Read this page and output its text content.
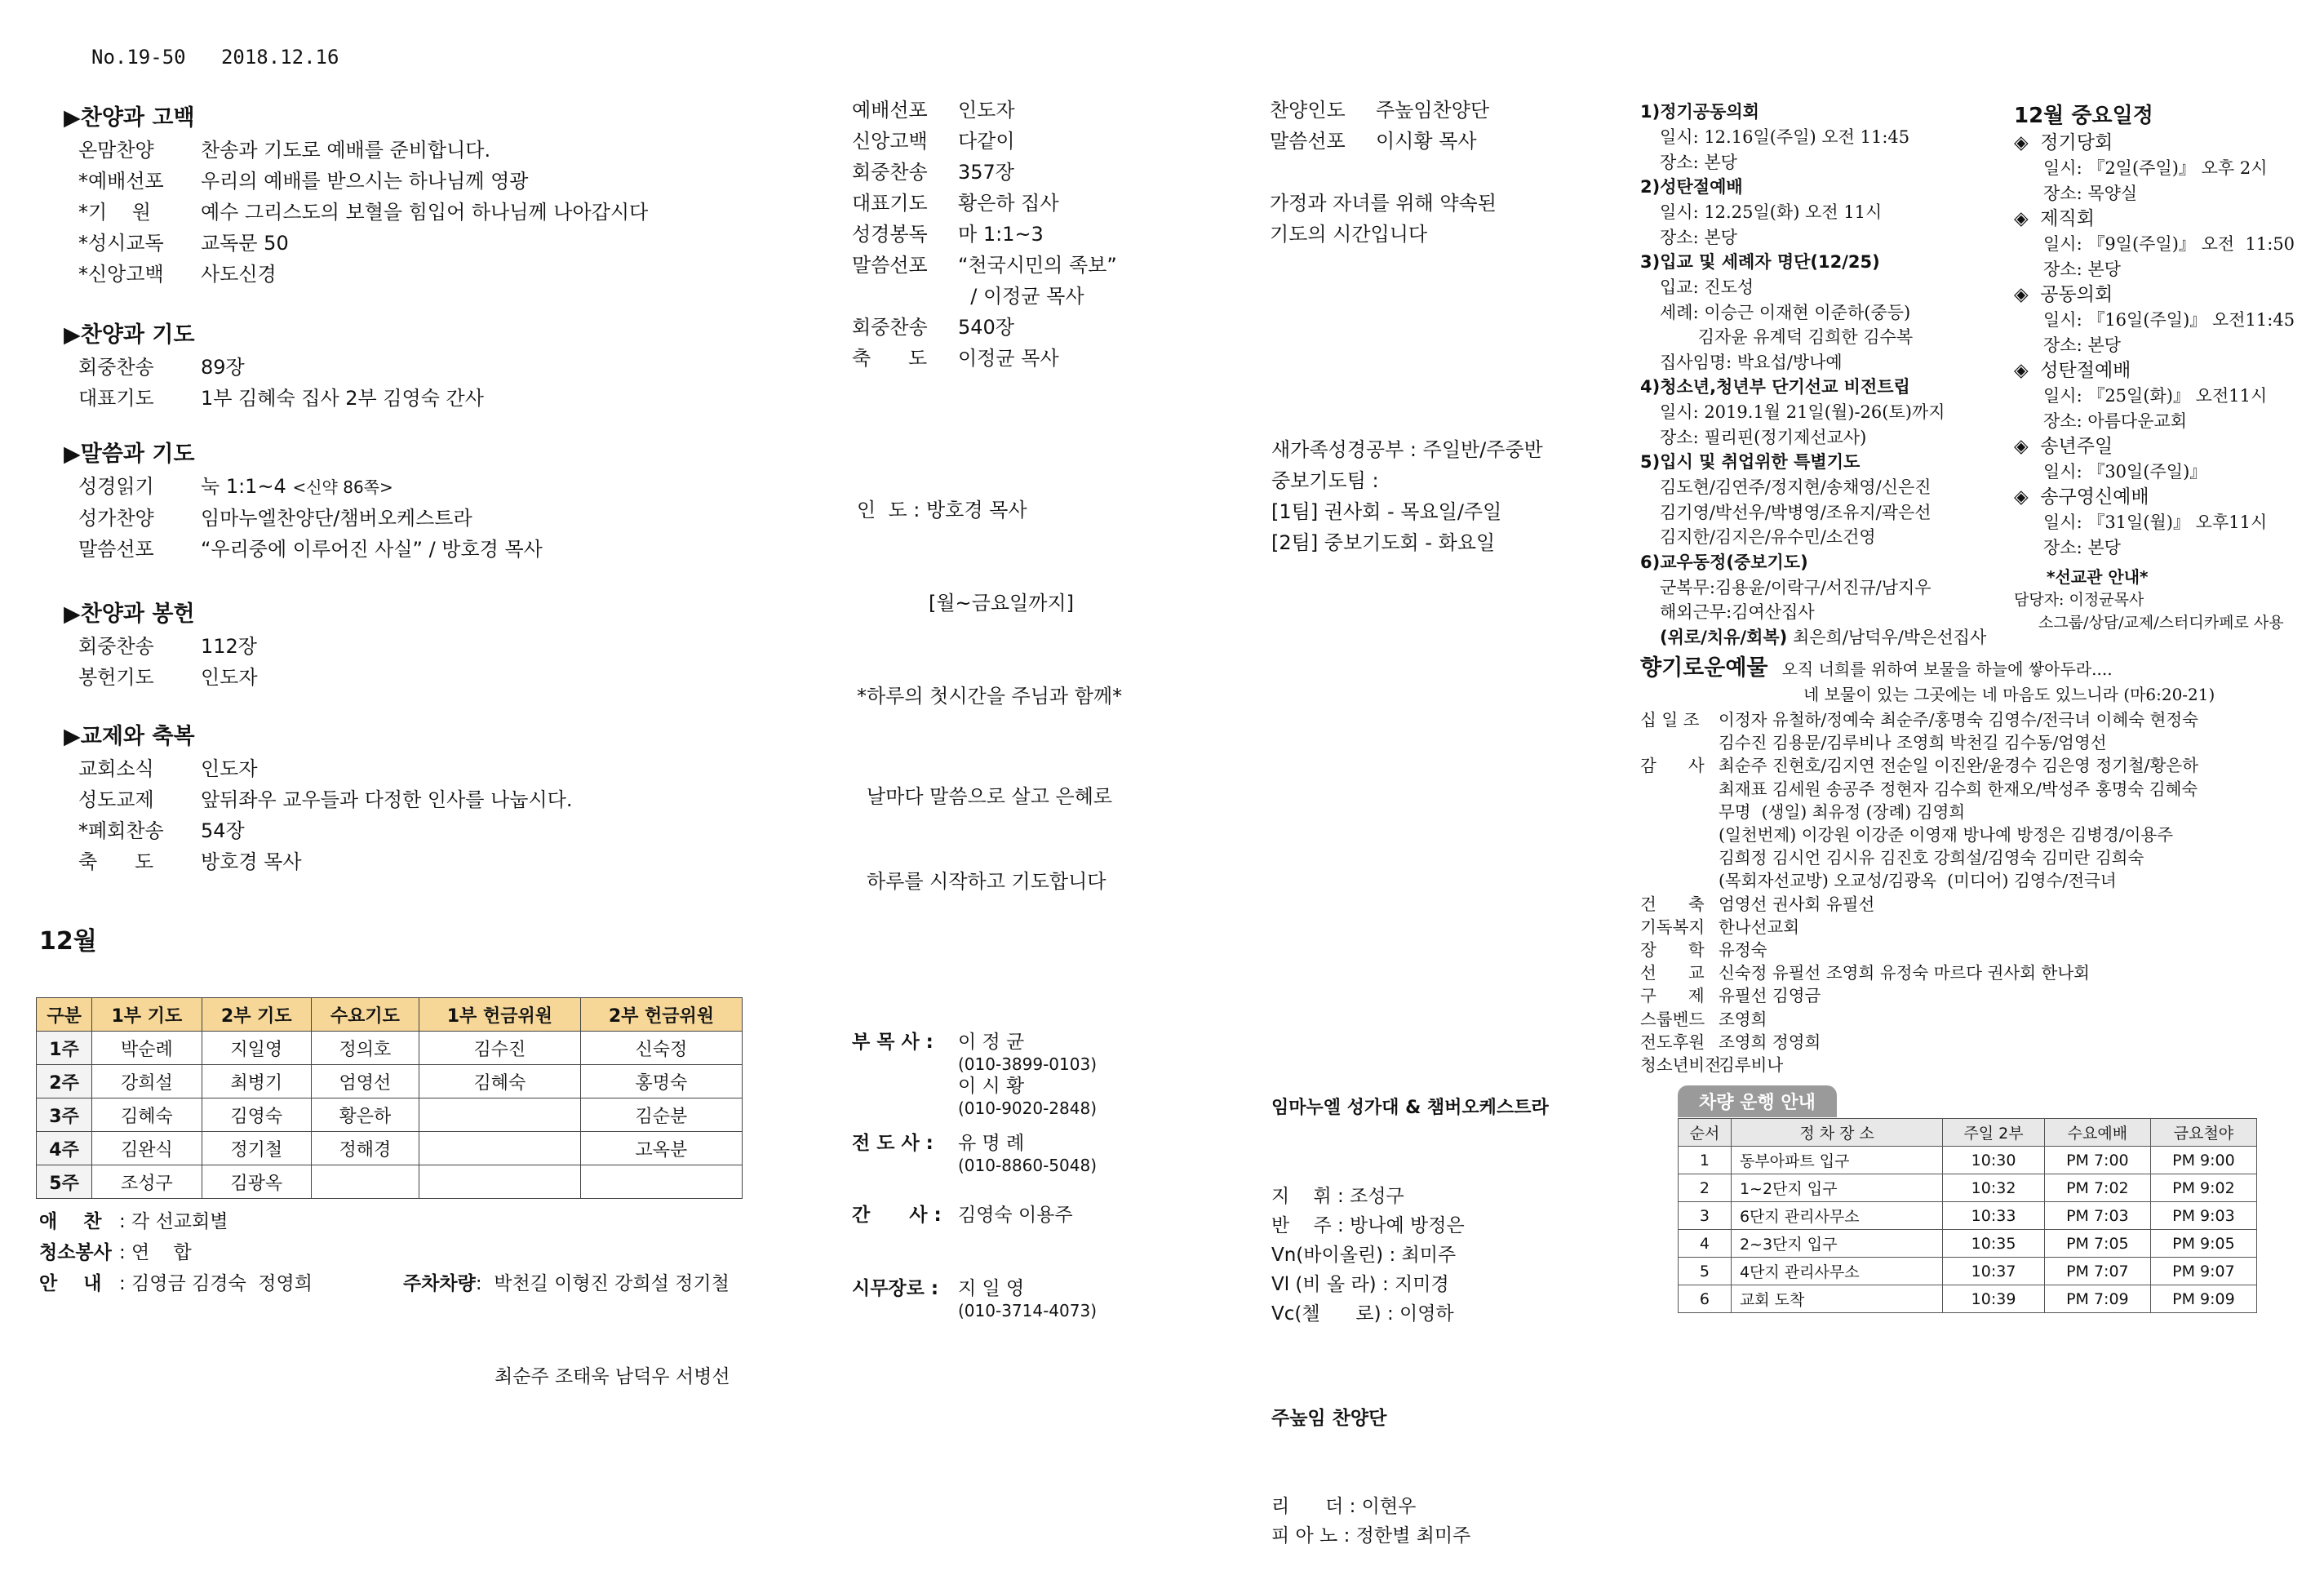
No.19-50 2018.12.16
▶찬양과 고백
온맘찬양	찬송과 기도로 예배를 준비합니다.
*예배선포	우리의 예배를 받으시는 하나님께 영광
*기    원	예수 그리스도의 보혈을 힘입어 하나님께 나아갑시다
*성시교독	교독문 50
*신앙고백	사도신경
▶찬양과 기도
회중찬송	89장
대표기도	1부 김혜숙 집사 2부 김영숙 간사
▶말씀과 기도
성경읽기	눅 1:1~4 <신약 86쪽>
성가찬양	임마누엘찬양단/챔버오케스트라
말씀선포	“우리중에 이루어진 사실” / 방호경 목사
▶찬양과 봉헌
회중찬송	112장
봉헌기도	인도자
▶교제와 축복
교회소식	인도자
성도교제	앞뒤좌우 교우들과 다정한 인사를 나눕시다.
*폐회찬송	54장
축      도	방호경 목사
12월
구분	1부 기도	2부 기도	수요기도	1부 헌금위원	2부 헌금위원
1주	박순례	지일영	정의호	김수진	신숙정
2주	강희설	최병기	엄영선	김혜숙	홍명숙
3주	김혜숙	김영숙	황은하		김순분
4주	김완식	정기철	정해경		고옥분
5주	조성구	김광옥			
애    찬 : 각 선교회별
청소봉사 : 연    합
안    내 : 김영금 김경숙  정영희

	주차차량:  박천길 이형진 강희설 정기철

최순주 조태욱 남덕우 서병선

예배선포	인도자
신앙고백	다같이
회중찬송	357장
대표기도	황은하 집사
성경봉독	마 1:1~3
말씀선포	“천국시민의 족보”
/ 이정균 목사
회중찬송	540장
축      도	이정균 목사

인  도 : 방호경 목사

[월~금요일까지]

*하루의 첫시간을 주님과 함께*

날마다 말씀으로 살고 은혜로

하루를 시작하고 기도합니다

부 목 사 :	이 정 균
(010-3899-0103)
이 시 황
(010-9020-2848)
전 도 사 :	유 명 례
(010-8860-5048)
간      사 : 김영숙 이용주
시무장로 :	지 일 영
(010-3714-4073)
찬양인도	주높임찬양단
말씀선포	이시황 목사
가정과 자녀를 위해 약속된
기도의 시간입니다
새가족성경공부 : 주일반/주중반
중보기도팀 :
[1팀] 권사회 - 목요일/주일
[2팀] 중보기도회 - 화요일

임마누엘 성가대 & 챔버오케스트라

지    휘 : 조성구
반    주 : 방나예 방정은
Vn(바이올린) : 최미주
Vl (비 올 라) : 지미경
Vc(첼      로) : 이영하

주높임 찬양단

리      더 : 이현우
피 아 노 : 정한별 최미주

1)정기공동의회
일시: 12.16일(주일) 오전 11:45
장소: 본당
2)성탄절예배
일시: 12.25일(화) 오전 11시
장소: 본당
3)입교 및 세례자 명단(12/25)
입교: 진도성
세례: 이승근 이재현 이준하(중등)
김자윤 유계덕 김희한 김수복
집사임명: 박요섭/방나예
4)청소년,청년부 단기선교 비전트립
일시: 2019.1월 21일(월)-26(토)까지
장소: 필리핀(정기제선교사)
5)입시 및 취업위한 특별기도
김도현/김연주/정지현/송채영/신은진
김기영/박선우/박병영/조유지/곽은선
김지한/김지은/유수민/소건영
6)교우동정(중보기도)
군복무:김용윤/이락구/서진규/남지우
해외근무:김여산집사
(위로/치유/회복) 최은희/남덕우/박은선집사
12월 중요일정
◈  정기당회
일시: 『2일(주일)』 오후 2시
장소: 목양실
◈  제직회
일시: 『9일(주일)』 오전  11:50
장소: 본당
◈  공동의회
일시: 『16일(주일)』 오전11:45
장소: 본당
◈  성탄절예배
일시: 『25일(화)』 오전11시
장소: 아름다운교회
◈  송년주일
일시: 『30일(주일)』
◈  송구영신예배
일시: 『31일(월)』 오후11시
장소: 본당
*선교관 안내*
담당자: 이정균목사
소그룹/상담/교제/스터디카페로 사용
향기로운예물 오직 너희를 위하여 보물을 하늘에 쌓아두라....
네 보물이 있는 그곳에는 네 마음도 있느니라 (마6:20-21)
십 일 조	이정자 유철하/정예숙 최순주/홍명숙 김영수/전극녀 이혜숙 현정숙
김수진 김용문/김루비나 조영희 박천길 김수동/엄영선
감      사 최순주 진현호/김지연 전순일 이진완/윤경수 김은영 정기철/황은하
최재표 김세원 송공주 정현자 김수희 한재오/박성주 홍명숙 김혜숙
무명  (생일) 최유정 (장례) 김영희
(일천번제) 이강원 이강준 이영재 방나예 방정은 김병경/이용주
김희정 김시언 김시유 김진호 강희설/김영숙 김미란 김희숙
(목회자선교방) 오교성/김광옥  (미디어) 김영수/전극녀
건      축 엄영선 권사회 유필선
기독복지 한나선교회
장      학 유정숙
선      교 신숙정 유필선 조영희 유정숙 마르다 권사회 한나회
구      제 유필선 김영금
스룹벤드 조영희
전도후원 조영희 정영희
청소년비전
김루비나
차량 운행 안내
순서	정 차 장 소	주일 2부	수요예배	금요철야
1	동부아파트 입구	10:30	PM 7:00	PM 9:00
2	1~2단지 입구	10:32	PM 7:02	PM 9:02
3	6단지 관리사무소	10:33	PM 7:03	PM 9:03
4	2~3단지 입구	10:35	PM 7:05	PM 9:05
5	4단지 관리사무소	10:37	PM 7:07	PM 9:07
6	교회 도착	10:39	PM 7:09	PM 9:09
